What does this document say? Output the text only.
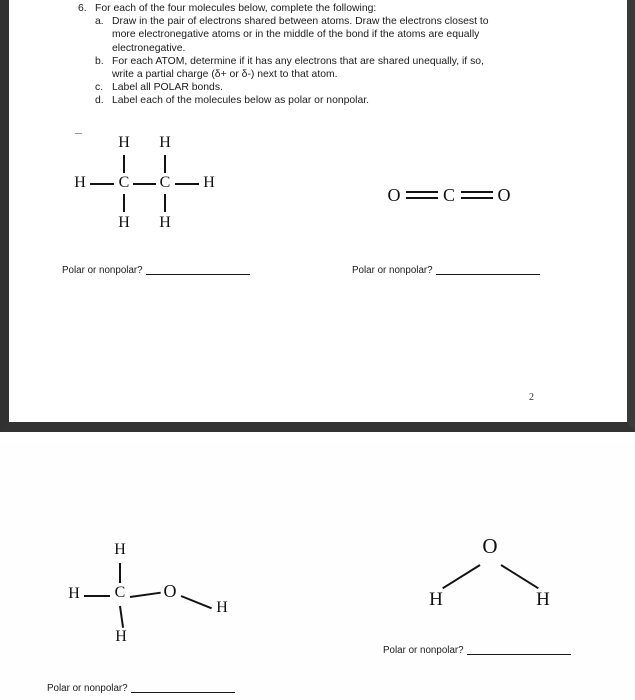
6. For each of the four molecules below, complete the following:
a. Draw in the pair of electrons shared between atoms. Draw the electrons closest to
more electronegative atoms or in the middle of the bond if the atoms are equally
electronegative.
b. For each ATOM, determine if it has any electrons that are shared unequally, if so,
write a partial charge (δ+ or δ-) next to that atom.
c. Label all POLAR bonds.
d. Label each of the molecules below as polar or nonpolar.
H H
H C C H
H H
O C O
Polar or nonpolar?	Polar or nonpolar?
2
H
H C O
H
H
O
H	H
Polar or nonpolar?
Polar or nonpolar?
